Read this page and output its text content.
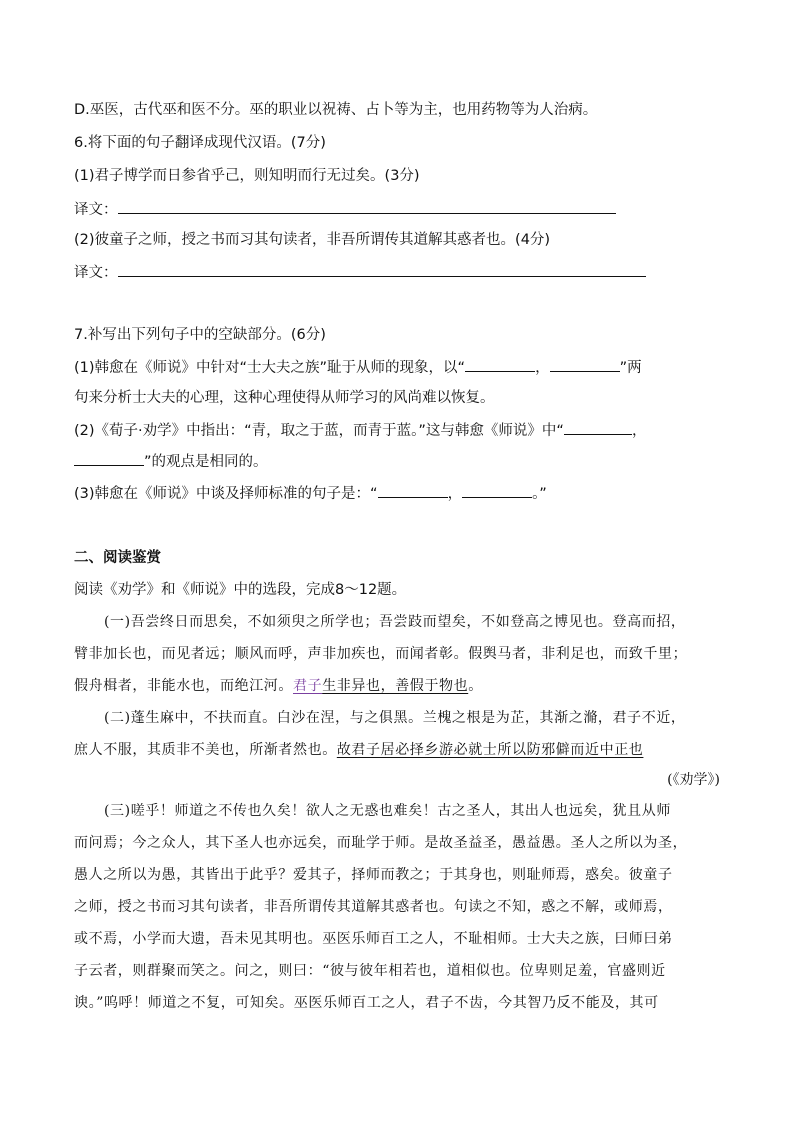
D.巫医，古代巫和医不分。巫的职业以祝祷、占卜等为主，也用药物等为人治病。
6.将下面的句子翻译成现代汉语。(7分)
(1)君子博学而日参省乎己，则知明而行无过矣。(3分)
译文：
(2)彼童子之师，授之书而习其句读者，非吾所谓传其道解其惑者也。(4分)
译文：
7.补写出下列句子中的空缺部分。(6分)
(1)韩愈在《师说》中针对“士大夫之族”耻于从师的现象，以“	，	”两
句来分析士大夫的心理，这种心理使得从师学习的风尚难以恢复。
(2)《荀子·劝学》中指出：“青，取之于蓝，而青于蓝。”这与韩愈《师说》中“	，
”的观点是相同的。
(3)韩愈在《师说》中谈及择师标准的句子是：“	，	。”
二、阅读鉴赏
阅读《劝学》和《师说》中的选段，完成8～12题。
(一)吾尝终日而思矣，不如须臾之所学也；吾尝跂而望矣，不如登高之博见也。登高而招，
臂非加长也，而见者远；顺风而呼，声非加疾也，而闻者彰。假舆马者，非利足也，而致千里；
假舟楫者，非能水也，而绝江河。君子生非异也，善假于物也。
(二)蓬生麻中，不扶而直。白沙在涅，与之俱黑。兰槐之根是为芷，其渐之滫，君子不近，
庶人不服，其质非不美也，所渐者然也。故君子居必择乡游必就士所以防邪僻而近中正也
(《劝学》)
(三)嗟乎！师道之不传也久矣！欲人之无惑也难矣！古之圣人，其出人也远矣，犹且从师
而问焉；今之众人，其下圣人也亦远矣，而耻学于师。是故圣益圣，愚益愚。圣人之所以为圣，
愚人之所以为愚，其皆出于此乎？爱其子，择师而教之；于其身也，则耻师焉，惑矣。彼童子
之师，授之书而习其句读者，非吾所谓传其道解其惑者也。句读之不知，惑之不解，或师焉，
或不焉，小学而大遗，吾未见其明也。巫医乐师百工之人，不耻相师。士大夫之族，曰师曰弟
子云者，则群聚而笑之。问之，则曰：“彼与彼年相若也，道相似也。位卑则足羞，官盛则近
谀。”呜呼！师道之不复，可知矣。巫医乐师百工之人，君子不齿，今其智乃反不能及，其可
